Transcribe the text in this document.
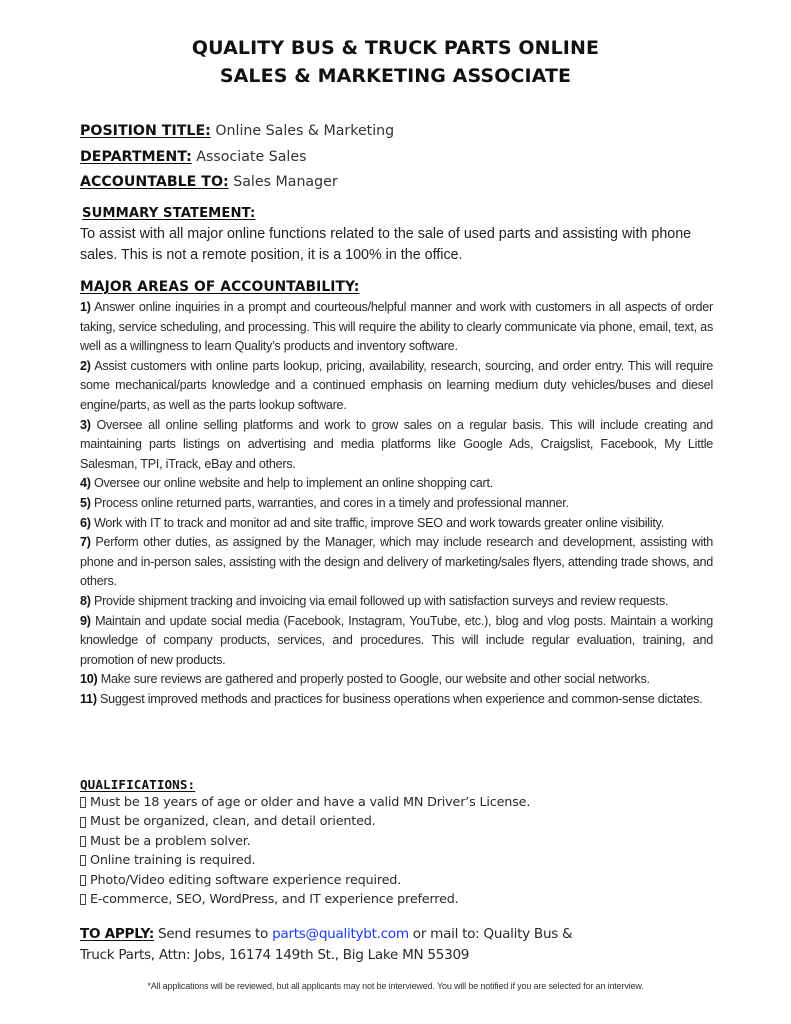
QUALITY BUS & TRUCK PARTS ONLINE
SALES & MARKETING ASSOCIATE
POSITION TITLE: Online Sales & Marketing
DEPARTMENT: Associate Sales
ACCOUNTABLE TO: Sales Manager
SUMMARY STATEMENT:
To assist with all major online functions related to the sale of used parts and assisting with phone sales. This is not a remote position, it is a 100% in the office.
MAJOR AREAS OF ACCOUNTABILITY:

1) Answer online inquiries in a prompt and courteous/helpful manner and work with customers in all aspects of order taking, service scheduling, and processing. This will require the ability to clearly communicate via phone, email, text, as well as a willingness to learn Quality’s products and inventory software.

2) Assist customers with online parts lookup, pricing, availability, research, sourcing, and order entry. This will require some mechanical/parts knowledge and a continued emphasis on learning medium duty vehicles/buses and diesel engine/parts, as well as the parts lookup software.

3) Oversee all online selling platforms and work to grow sales on a regular basis. This will include creating and maintaining parts listings on advertising and media platforms like Google Ads, Craigslist, Facebook, My Little Salesman, TPI, iTrack, eBay and others.

4) Oversee our online website and help to implement an online shopping cart.

5) Process online returned parts, warranties, and cores in a timely and professional manner.

6) Work with IT to track and monitor ad and site traffic, improve SEO and work towards greater online visibility.

7) Perform other duties, as assigned by the Manager, which may include research and development, assisting with phone and in-person sales, assisting with the design and delivery of marketing/sales flyers, attending trade shows, and others.

8) Provide shipment tracking and invoicing via email followed up with satisfaction surveys and review requests.

9) Maintain and update social media (Facebook, Instagram, YouTube, etc.), blog and vlog posts. Maintain a working knowledge of company products, services, and procedures. This will include regular evaluation, training, and promotion of new products.

10) Make sure reviews are gathered and properly posted to Google, our website and other social networks.

11) Suggest improved methods and practices for business operations when experience and common-sense dictates.

QUALIFICATIONS:
Must be 18 years of age or older and have a valid MN Driver’s License.
Must be organized, clean, and detail oriented.
Must be a problem solver.
Online training is required.
Photo/Video editing software experience required.
E-commerce, SEO, WordPress, and IT experience preferred.
TO APPLY: Send resumes to parts@qualitybt.com or mail to: Quality Bus & Truck Parts, Attn: Jobs, 16174 149th St., Big Lake MN 55309
*All applications will be reviewed, but all applicants may not be interviewed. You will be notified if you are selected for an interview.
